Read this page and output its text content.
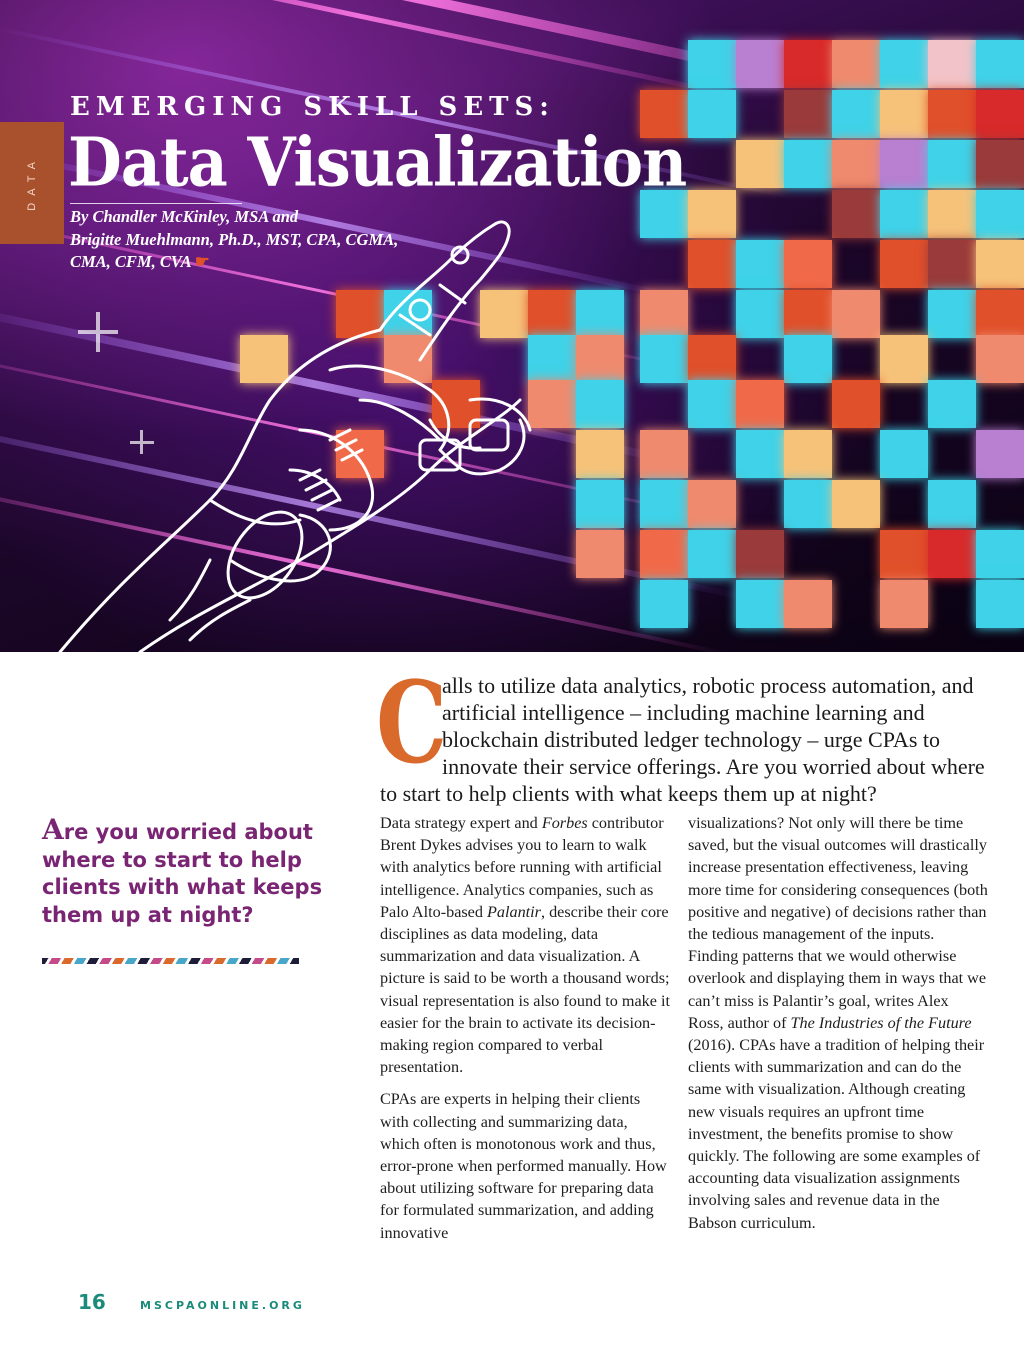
DATA
EMERGING SKILL SETS:
Data Visualization
By Chandler McKinley, MSA and
Brigitte Muehlmann, Ph.D., MST, CPA, CGMA,
CMA, CFM, CVA ☛
C
alls to utilize data analytics, robotic process automation, and artificial intelligence – including machine learning and blockchain distributed ledger technology – urge CPAs to innovate their service offerings. Are you worried about where to start to help clients with what keeps them up at night?
Are you worried about where to start to help clients with what keeps them up at night?

Data strategy expert and Forbes contributor Brent Dykes advises you to learn to walk with analytics before running with artificial intelligence. Analytics companies, such as Palo Alto-based Palantir, describe their core disciplines as data modeling, data summarization and data visualization. A picture is said to be worth a thousand words; visual representation is also found to make it easier for the brain to activate its decision-making region compared to verbal presentation.

CPAs are experts in helping their clients with collecting and summarizing data, which often is monotonous work and thus, error-prone when performed manually. How about utilizing software for preparing data for formulated summarization, and adding innovative

visualizations? Not only will there be time saved, but the visual outcomes will drastically increase presentation effectiveness, leaving more time for considering consequences (both positive and negative) of decisions rather than the tedious management of the inputs. Finding patterns that we would otherwise overlook and displaying them in ways that we can’t miss is Palantir’s goal, writes Alex Ross, author of The Industries of the Future (2016). CPAs have a tradition of helping their clients with summarization and can do the same with visualization. Although creating new visuals requires an upfront time investment, the benefits promise to show quickly. The following are some examples of accounting data visualization assignments involving sales and revenue data in the Babson curriculum.

16	MSCPAONLINE.ORG
